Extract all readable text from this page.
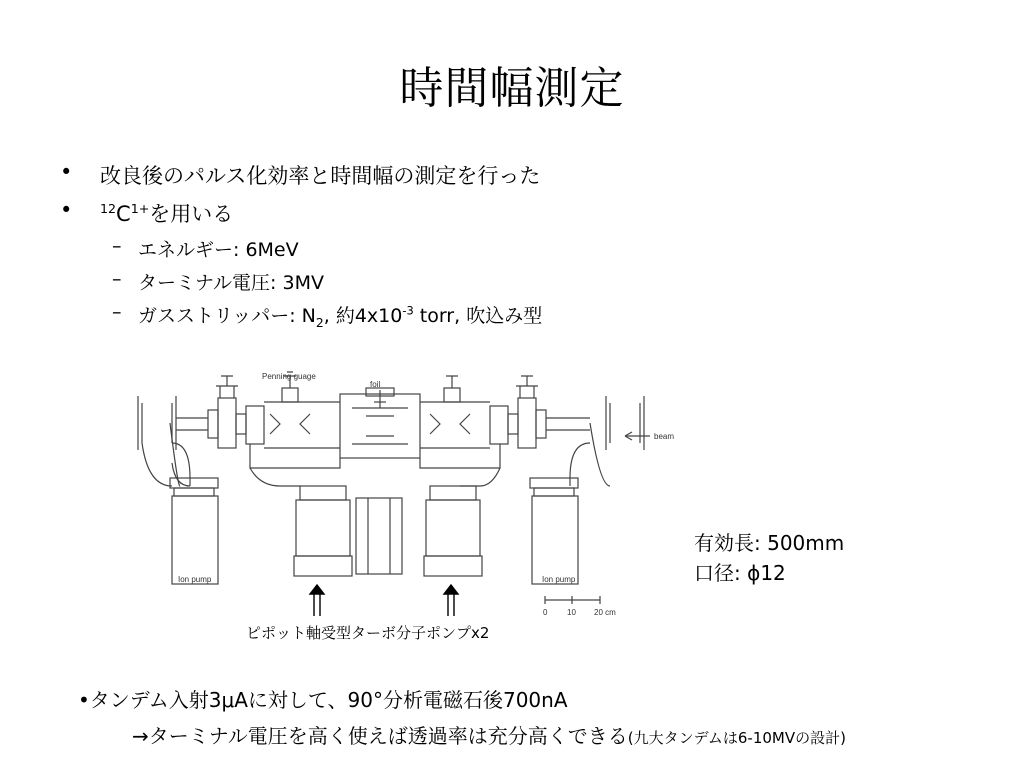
時間幅測定
• 改良後のパルス化効率と時間幅の測定を行った
• $^{12}C^{1+}$を用いる
– エネルギー: 6MeV
– ターミナル電圧: 3MV
– ガスストリッパー: $N_2$, 約$4x10^{-3}$ torr, 吹込み型
Penning guage
foil
beam
Ion pump	Ion pump
0 10 20 cm
ピポット軸受型ターボ分子ポンプx2
有効長: 500mm
口径: ϕ12
•タンデム入射3μAに対して、90°分析電磁石後700nA
→ターミナル電圧を高く使えば透過率は充分高くできる(九大タンデムは6-10MVの設計)
